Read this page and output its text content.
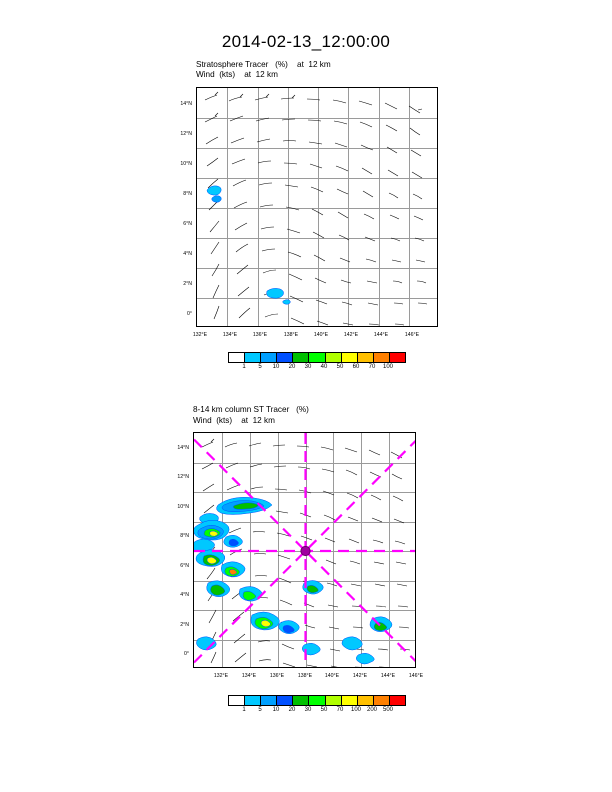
2014-02-13_12:00:00
Stratosphere Tracer   (%)    at  12 km
Wind  (kts)    at  12 km
132°E	134°E	136°E	138°E	140°E	142°E	144°E	146°E
14°N
12°N
10°N
8°N
6°N
4°N
2°N
0°
1 5 10 20 30 40 50 60 70 100
8-14 km column ST Tracer   (%)
Wind  (kts)    at  12 km
132°E	134°E	136°E	138°E 140°E	142°E	144°E	146°E
14°N
12°N
10°N
8°N
6°N
4°N
2°N
0°
1 5 10 20 30 50 70 100 200 500
